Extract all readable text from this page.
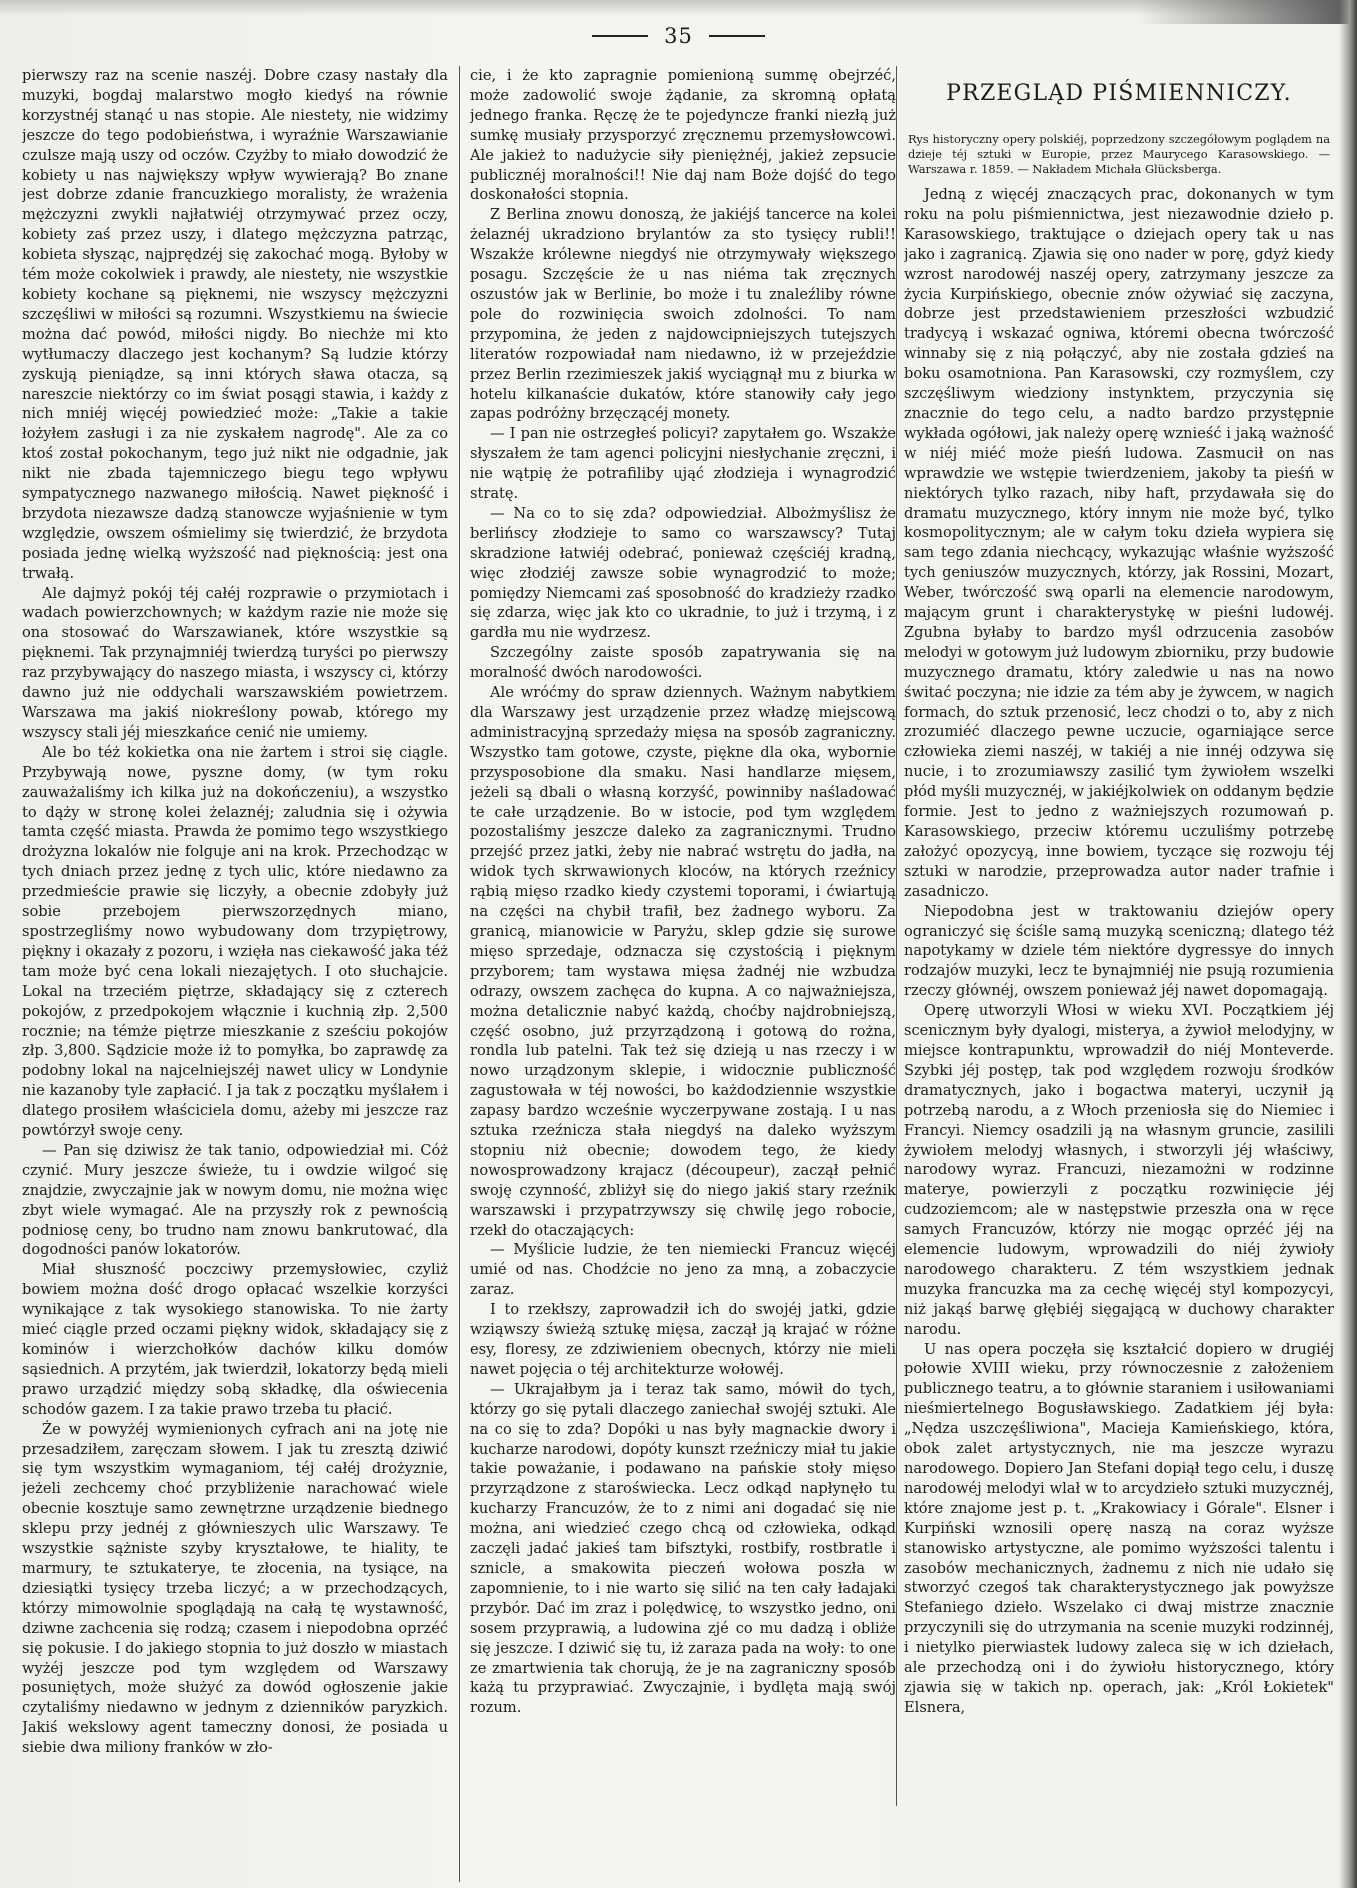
35

pierwszy raz na scenie naszéj. Dobre czasy nastały dla muzyki, bogdaj malarstwo mogło kiedyś na równie korzystnéj stanąć u nas stopie. Ale niestety, nie widzimy jeszcze do tego podobieństwa, i wyraźnie Warszawianie czulsze mają uszy od oczów. Czyżby to miało dowodzić że kobiety u nas największy wpływ wywierają? Bo znane jest dobrze zdanie francuzkiego moralisty, że wrażenia mężczyzni zwykli najłatwiéj otrzymywać przez oczy, kobiety zaś przez uszy, i dlatego mężczyzna patrząc, kobieta słysząc, najprędzéj się zakochać mogą. Byłoby w tém może cokolwiek i prawdy, ale niestety, nie wszystkie kobiety kochane są pięknemi, nie wszyscy mężczyzni szczęśliwi w miłości są rozumni. Wszystkiemu na świecie można dać powód, miłości nigdy. Bo niechże mi kto wytłumaczy dlaczego jest kochanym? Są ludzie którzy zyskują pieniądze, są inni których sława otacza, są nareszcie niektórzy co im świat posągi stawia, i każdy z nich mniéj więcéj powiedzieć może: „Takie a takie łożyłem zasługi i za nie zyskałem nagrodę". Ale za co ktoś został pokochanym, tego już nikt nie odgadnie, jak nikt nie zbada tajemniczego biegu tego wpływu sympatycznego nazwanego miłością. Nawet piękność i brzydota niezawsze dadzą stanowcze wyjaśnienie w tym względzie, owszem ośmielimy się twierdzić, że brzydota posiada jednę wielką wyższość nad pięknością: jest ona trwałą.

Ale dajmyż pokój téj całéj rozprawie o przymiotach i wadach powierzchownych; w każdym razie nie może się ona stosować do Warszawianek, które wszystkie są pięknemi. Tak przynajmniéj twierdzą turyści po pierwszy raz przybywający do naszego miasta, i wszyscy ci, którzy dawno już nie oddychali warszawskiém powietrzem. Warszawa ma jakiś niokreślony powab, którego my wszyscy stali jéj mieszkańce cenić nie umiemy.

Ale bo téż kokietka ona nie żartem i stroi się ciągle. Przybywają nowe, pyszne domy, (w tym roku zauważaliśmy ich kilka już na dokończeniu), a wszystko to dąży w stronę kolei żelaznéj; zaludnia się i ożywia tamta część miasta. Prawda że pomimo tego wszystkiego drożyzna lokalów nie folguje ani na krok. Przechodząc w tych dniach przez jednę z tych ulic, które niedawno za przedmieście prawie się liczyły, a obecnie zdobyły już sobie przebojem pierwszorzędnych miano, spostrzegliśmy nowo wybudowany dom trzypiętrowy, piękny i okazały z pozoru, i wzięła nas ciekawość jaka téż tam może być cena lokali niezajętych. I oto słuchajcie. Lokal na trzeciém piętrze, składający się z czterech pokojów, z przedpokojem włącznie i kuchnią złp. 2,500 rocznie; na témże piętrze mieszkanie z sześciu pokojów złp. 3,800. Sądzicie może iż to pomyłka, bo zaprawdę za podobny lokal na najcelniejszéj nawet ulicy w Londynie nie kazanoby tyle zapłacić. I ja tak z początku myślałem i dlatego prosiłem właściciela domu, ażeby mi jeszcze raz powtórzył swoje ceny.

— Pan się dziwisz że tak tanio, odpowiedział mi. Cóż czynić. Mury jeszcze świeże, tu i owdzie wilgoć się znajdzie, zwyczajnie jak w nowym domu, nie można więc zbyt wiele wymagać. Ale na przyszły rok z pewnością podniosę ceny, bo trudno nam znowu bankrutować, dla dogodności panów lokatorów.

Miał słuszność poczciwy przemysłowiec, czyliż bowiem można dość drogo opłacać wszelkie korzyści wynikające z tak wysokiego stanowiska. To nie żarty mieć ciągle przed oczami piękny widok, składający się z kominów i wierzchołków dachów kilku domów sąsiednich. A przytém, jak twierdził, lokatorzy będą mieli prawo urządzić między sobą składkę, dla oświecenia schodów gazem. I za takie prawo trzeba tu płacić.

Że w powyżéj wymienionych cyfrach ani na jotę nie przesadziłem, zaręczam słowem. I jak tu zresztą dziwić się tym wszystkim wymaganiom, téj całéj drożyznie, jeżeli zechcemy choć przybliżenie narachować wiele obecnie kosztuje samo zewnętrzne urządzenie biednego sklepu przy jednéj z głównieszych ulic Warszawy. Te wszystkie sążniste szyby kryształowe, te hiality, te marmury, te sztukaterye, te złocenia, na tysiące, na dziesiątki tysięcy trzeba liczyć; a w przechodzących, którzy mimowolnie spoglądają na całą tę wystawność, dziwne zachcenia się rodzą; czasem i niepodobna oprzéć się pokusie. I do jakiego stopnia to już doszło w miastach wyżéj jeszcze pod tym względem od Warszawy posuniętych, może służyć za dowód ogłoszenie jakie czytaliśmy niedawno w jednym z dzienników paryzkich. Jakiś wekslowy agent tameczny donosi, że posiada u siebie dwa miliony franków w zło-

cie, i że kto zapragnie pomienioną summę obejrzéć, może zadowolić swoje żądanie, za skromną opłatą jednego franka. Ręczę że te pojedyncze franki niezłą już sumkę musiały przysporzyć zręcznemu przemysłowcowi. Ale jakież to nadużycie siły pieniężnéj, jakież zepsucie publicznéj moralności!! Nie daj nam Boże dojść do tego doskonałości stopnia.

Z Berlina znowu donoszą, że jakiéjś tancerce na kolei żelaznéj ukradziono brylantów za sto tysięcy rubli!! Wszakże królewne niegdyś nie otrzymywały większego posagu. Szczęście że u nas niéma tak zręcznych oszustów jak w Berlinie, bo może i tu znaleźliby równe pole do rozwinięcia swoich zdolności. To nam przypomina, że jeden z najdowcipniejszych tutejszych literatów rozpowiadał nam niedawno, iż w przejeździe przez Berlin rzezimieszek jakiś wyciągnął mu z biurka w hotelu kilkanaście dukatów, które stanowiły cały jego zapas podróżny brzęczącéj monety.

— I pan nie ostrzegłeś policyi? zapytałem go. Wszakże słyszałem że tam agenci policyjni niesłychanie zręczni, i nie wątpię że potrafiliby ująć złodzieja i wynagrodzić stratę.

— Na co to się zda? odpowiedział. Albożmyślisz że berlińscy złodzieje to samo co warszawscy? Tutaj skradzione łatwiéj odebrać, ponieważ częściéj kradną, więc złodziéj zawsze sobie wynagrodzić to może; pomiędzy Niemcami zaś sposobność do kradzieży rzadko się zdarza, więc jak kto co ukradnie, to już i trzymą, i z gardła mu nie wydrzesz.

Szczególny zaiste sposób zapatrywania się na moralność dwóch narodowości.

Ale wróćmy do spraw dziennych. Ważnym nabytkiem dla Warszawy jest urządzenie przez władzę miejscową administracyjną sprzedaży mięsa na sposób zagraniczny. Wszystko tam gotowe, czyste, piękne dla oka, wybornie przysposobione dla smaku. Nasi handlarze mięsem, jeżeli są dbali o własną korzyść, powinniby naśladować te całe urządzenie. Bo w istocie, pod tym względem pozostaliśmy jeszcze daleko za zagranicznymi. Trudno przejść przez jatki, żeby nie nabrać wstrętu do jadła, na widok tych skrwawionych kloców, na których rzeźnicy rąbią mięso rzadko kiedy czystemi toporami, i ćwiartują na części na chybił trafił, bez żadnego wyboru. Za granicą, mianowicie w Paryżu, sklep gdzie się surowe mięso sprzedaje, odznacza się czystością i pięknym przyborem; tam wystawa mięsa żadnéj nie wzbudza odrazy, owszem zachęca do kupna. A co najważniejsza, można detalicznie nabyć każdą, choćby najdrobniejszą, część osobno, już przyrządzoną i gotową do rożna, rondla lub patelni. Tak też się dzieją u nas rzeczy i w nowo urządzonym sklepie, i widocznie publiczność zagustowała w téj nowości, bo każdodziennie wszystkie zapasy bardzo wcześnie wyczerpywane zostają. I u nas sztuka rzeźnicza stała niegdyś na daleko wyższym stopniu niż obecnie; dowodem tego, że kiedy nowosprowadzony krajacz (découpeur), zaczął pełnić swoję czynność, zbliżył się do niego jakiś stary rzeźnik warszawski i przypatrzywszy się chwilę jego robocie, rzekł do otaczających:

— Myślicie ludzie, że ten niemiecki Francuz więcéj umié od nas. Chodźcie no jeno za mną, a zobaczycie zaraz.

I to rzekłszy, zaprowadził ich do swojéj jatki, gdzie wziąwszy świeżą sztukę mięsa, zaczął ją krajać w różne esy, floresy, ze zdziwieniem obecnych, którzy nie mieli nawet pojęcia o téj architekturze wołowéj.

— Ukrajałbym ja i teraz tak samo, mówił do tych, którzy go się pytali dlaczego zaniechał swojéj sztuki. Ale na co się to zda? Dopóki u nas były magnackie dwory i kucharze narodowi, dopóty kunszt rzeźniczy miał tu jakie takie poważanie, i podawano na pańskie stoły mięso przyrządzone z staroświecka. Lecz odkąd napłynęło tu kucharzy Francuzów, że to z nimi ani dogadać się nie można, ani wiedzieć czego chcą od człowieka, odkąd zaczęli jadać jakieś tam bifsztyki, rostbify, rostbratle i sznicle, a smakowita pieczeń wołowa poszła w zapomnienie, to i nie warto się silić na ten cały ładajaki przybór. Dać im zraz i polędwicę, to wszystko jedno, oni sosem przyprawią, a ludowina zjé co mu dadzą i obliże się jeszcze. I dziwić się tu, iż zaraza pada na woły: to one ze zmartwienia tak chorują, że je na zagraniczny sposób każą tu przyprawiać. Zwyczajnie, i bydlęta mają swój rozum.

PRZEGLĄD PIŚMIENNICZY.
Rys historyczny opery polskiéj, poprzedzony szczegółowym poglądem na dzieje téj sztuki w Europie, przez Maurycego Karasowskiego. — Warszawa r. 1859. — Nakładem Michała Glücksberga.

Jedną z więcéj znaczących prac, dokonanych w tym roku na polu piśmiennictwa, jest niezawodnie dzieło p. Karasowskiego, traktujące o dziejach opery tak u nas jako i zagranicą. Zjawia się ono nader w porę, gdyż kiedy wzrost narodowéj naszéj opery, zatrzymany jeszcze za życia Kurpińskiego, obecnie znów ożywiać się zaczyna, dobrze jest przedstawieniem przeszłości wzbudzić tradycyą i wskazać ogniwa, któremi obecna twórczość winnaby się z nią połączyć, aby nie została gdzieś na boku osamotniona. Pan Karasowski, czy rozmyślem, czy szczęśliwym wiedziony instynktem, przyczynia się znacznie do tego celu, a nadto bardzo przystępnie wykłada ogółowi, jak należy operę wznieść i jaką ważność w niéj miéć może pieśń ludowa. Zasmucił on nas wprawdzie we wstępie twierdzeniem, jakoby ta pieśń w niektórych tylko razach, niby haft, przydawała się do dramatu muzycznego, który innym nie może być, tylko kosmopolitycznym; ale w całym toku dzieła wypiera się sam tego zdania niechcący, wykazując właśnie wyższość tych geniuszów muzycznych, którzy, jak Rossini, Mozart, Weber, twórczość swą oparli na elemencie narodowym, mającym grunt i charakterystykę w pieśni ludowéj. Zgubna byłaby to bardzo myśl odrzucenia zasobów melodyi w gotowym już ludowym zbiorniku, przy budowie muzycznego dramatu, który zaledwie u nas na nowo świtać poczyna; nie idzie za tém aby je żywcem, w nagich formach, do sztuk przenosić, lecz chodzi o to, aby z nich zrozumiéć dlaczego pewne uczucie, ogarniające serce człowieka ziemi naszéj, w takiéj a nie innéj odzywa się nucie, i to zrozumiawszy zasilić tym żywiołem wszelki płód myśli muzycznéj, w jakiéjkolwiek on oddanym będzie formie. Jest to jedno z ważniejszych rozumowań p. Karasowskiego, przeciw któremu uczuliśmy potrzebę założyć opozycyą, inne bowiem, tyczące się rozwoju téj sztuki w narodzie, przeprowadza autor nader trafnie i zasadniczo.

Niepodobna jest w traktowaniu dziejów opery ograniczyć się ściśle samą muzyką sceniczną; dlatego téż napotykamy w dziele tém niektóre dygressye do innych rodzajów muzyki, lecz te bynajmniéj nie psują rozumienia rzeczy głównéj, owszem ponieważ jéj nawet dopomagają.

Operę utworzyli Włosi w wieku XVI. Początkiem jéj scenicznym były dyalogi, misterya, a żywioł melodyjny, w miejsce kontrapunktu, wprowadził do niéj Monteverde. Szybki jéj postęp, tak pod względem rozwoju środków dramatycznych, jako i bogactwa materyi, uczynił ją potrzebą narodu, a z Włoch przeniosła się do Niemiec i Francyi. Niemcy osadzili ją na własnym gruncie, zasilili żywiołem melodyj własnych, i stworzyli jéj właściwy, narodowy wyraz. Francuzi, niezamożni w rodzinne materye, powierzyli z początku rozwinięcie jéj cudzoziemcom; ale w następstwie przeszła ona w ręce samych Francuzów, którzy nie mogąc oprzéć jéj na elemencie ludowym, wprowadzili do niéj żywioły narodowego charakteru. Z tém wszystkiem jednak muzyka francuzka ma za cechę więcéj styl kompozycyi, niż jakąś barwę głębiéj sięgającą w duchowy charakter narodu.

U nas opera poczęła się kształcić dopiero w drugiéj połowie XVIII wieku, przy równoczesnie z założeniem publicznego teatru, a to głównie staraniem i usiłowaniami nieśmiertelnego Bogusławskiego. Zadatkiem jéj była: „Nędza uszczęśliwiona", Macieja Kamieńskiego, która, obok zalet artystycznych, nie ma jeszcze wyrazu narodowego. Dopiero Jan Stefani dopiął tego celu, i duszę narodowéj melodyi wlał w to arcydzieło sztuki muzycznéj, które znajome jest p. t. „Krakowiacy i Górale". Elsner i Kurpiński wznosili operę naszą na coraz wyższe stanowisko artystyczne, ale pomimo wyższości talentu i zasobów mechanicznych, żadnemu z nich nie udało się stworzyć czegoś tak charakterystycznego jak powyższe Stefaniego dzieło. Wszelako ci dwaj mistrze znacznie przyczynili się do utrzymania na scenie muzyki rodzinnéj, i nietylko pierwiastek ludowy zaleca się w ich dziełach, ale przechodzą oni i do żywiołu historycznego, który zjawia się w takich np. operach, jak: „Król Łokietek" Elsnera,
